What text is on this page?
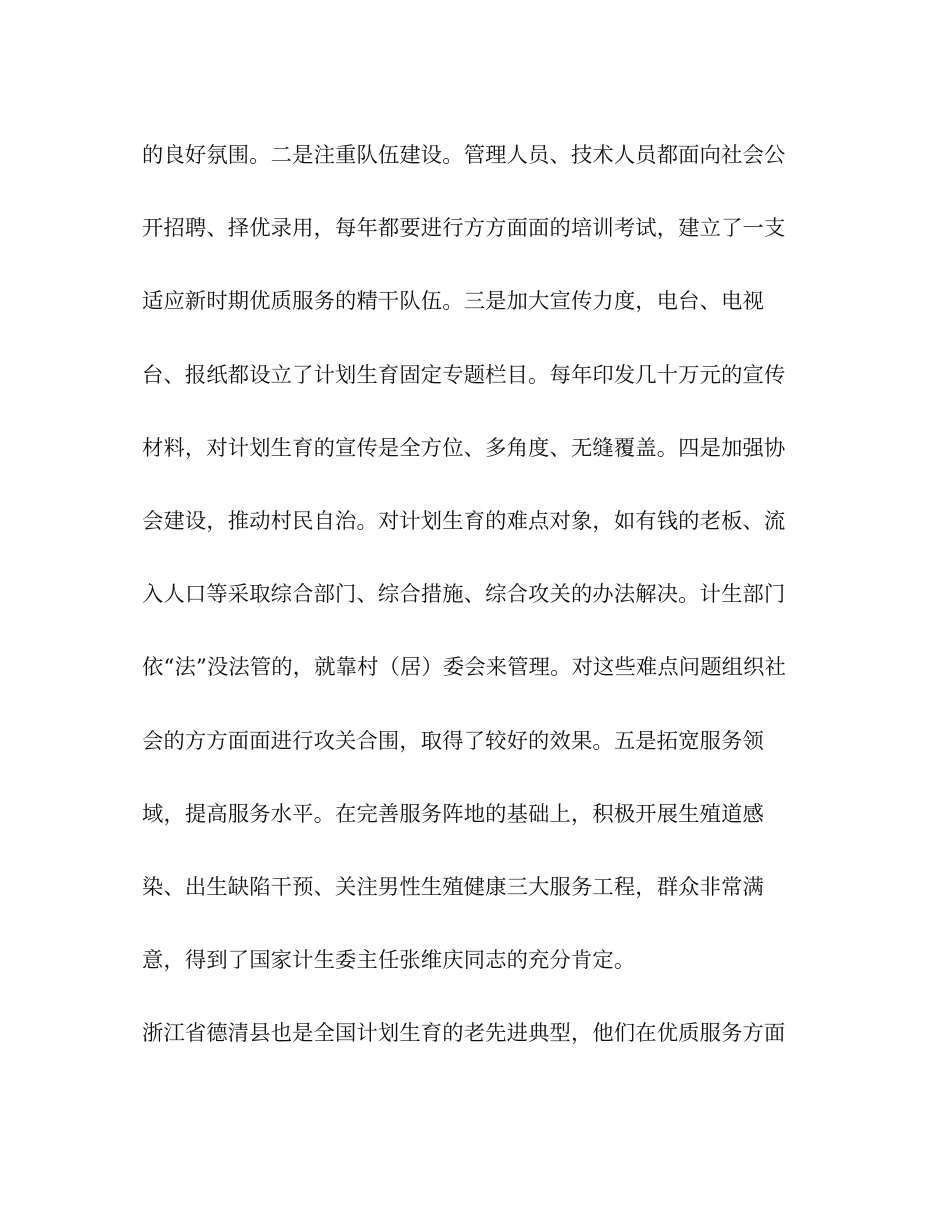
的良好氛围。二是注重队伍建设。管理人员、技术人员都面向社会公
开招聘、择优录用，每年都要进行方方面面的培训考试，建立了一支
适应新时期优质服务的精干队伍。三是加大宣传力度，电台、电视
台、报纸都设立了计划生育固定专题栏目。每年印发几十万元的宣传
材料，对计划生育的宣传是全方位、多角度、无缝覆盖。四是加强协
会建设，推动村民自治。对计划生育的难点对象，如有钱的老板、流
入人口等采取综合部门、综合措施、综合攻关的办法解决。计生部门
依“法”没法管的，就靠村（居）委会来管理。对这些难点问题组织社
会的方方面面进行攻关合围，取得了较好的效果。五是拓宽服务领
域，提高服务水平。在完善服务阵地的基础上，积极开展生殖道感
染、出生缺陷干预、关注男性生殖健康三大服务工程，群众非常满
意，得到了国家计生委主任张维庆同志的充分肯定。
浙江省德清县也是全国计划生育的老先进典型，他们在优质服务方面
